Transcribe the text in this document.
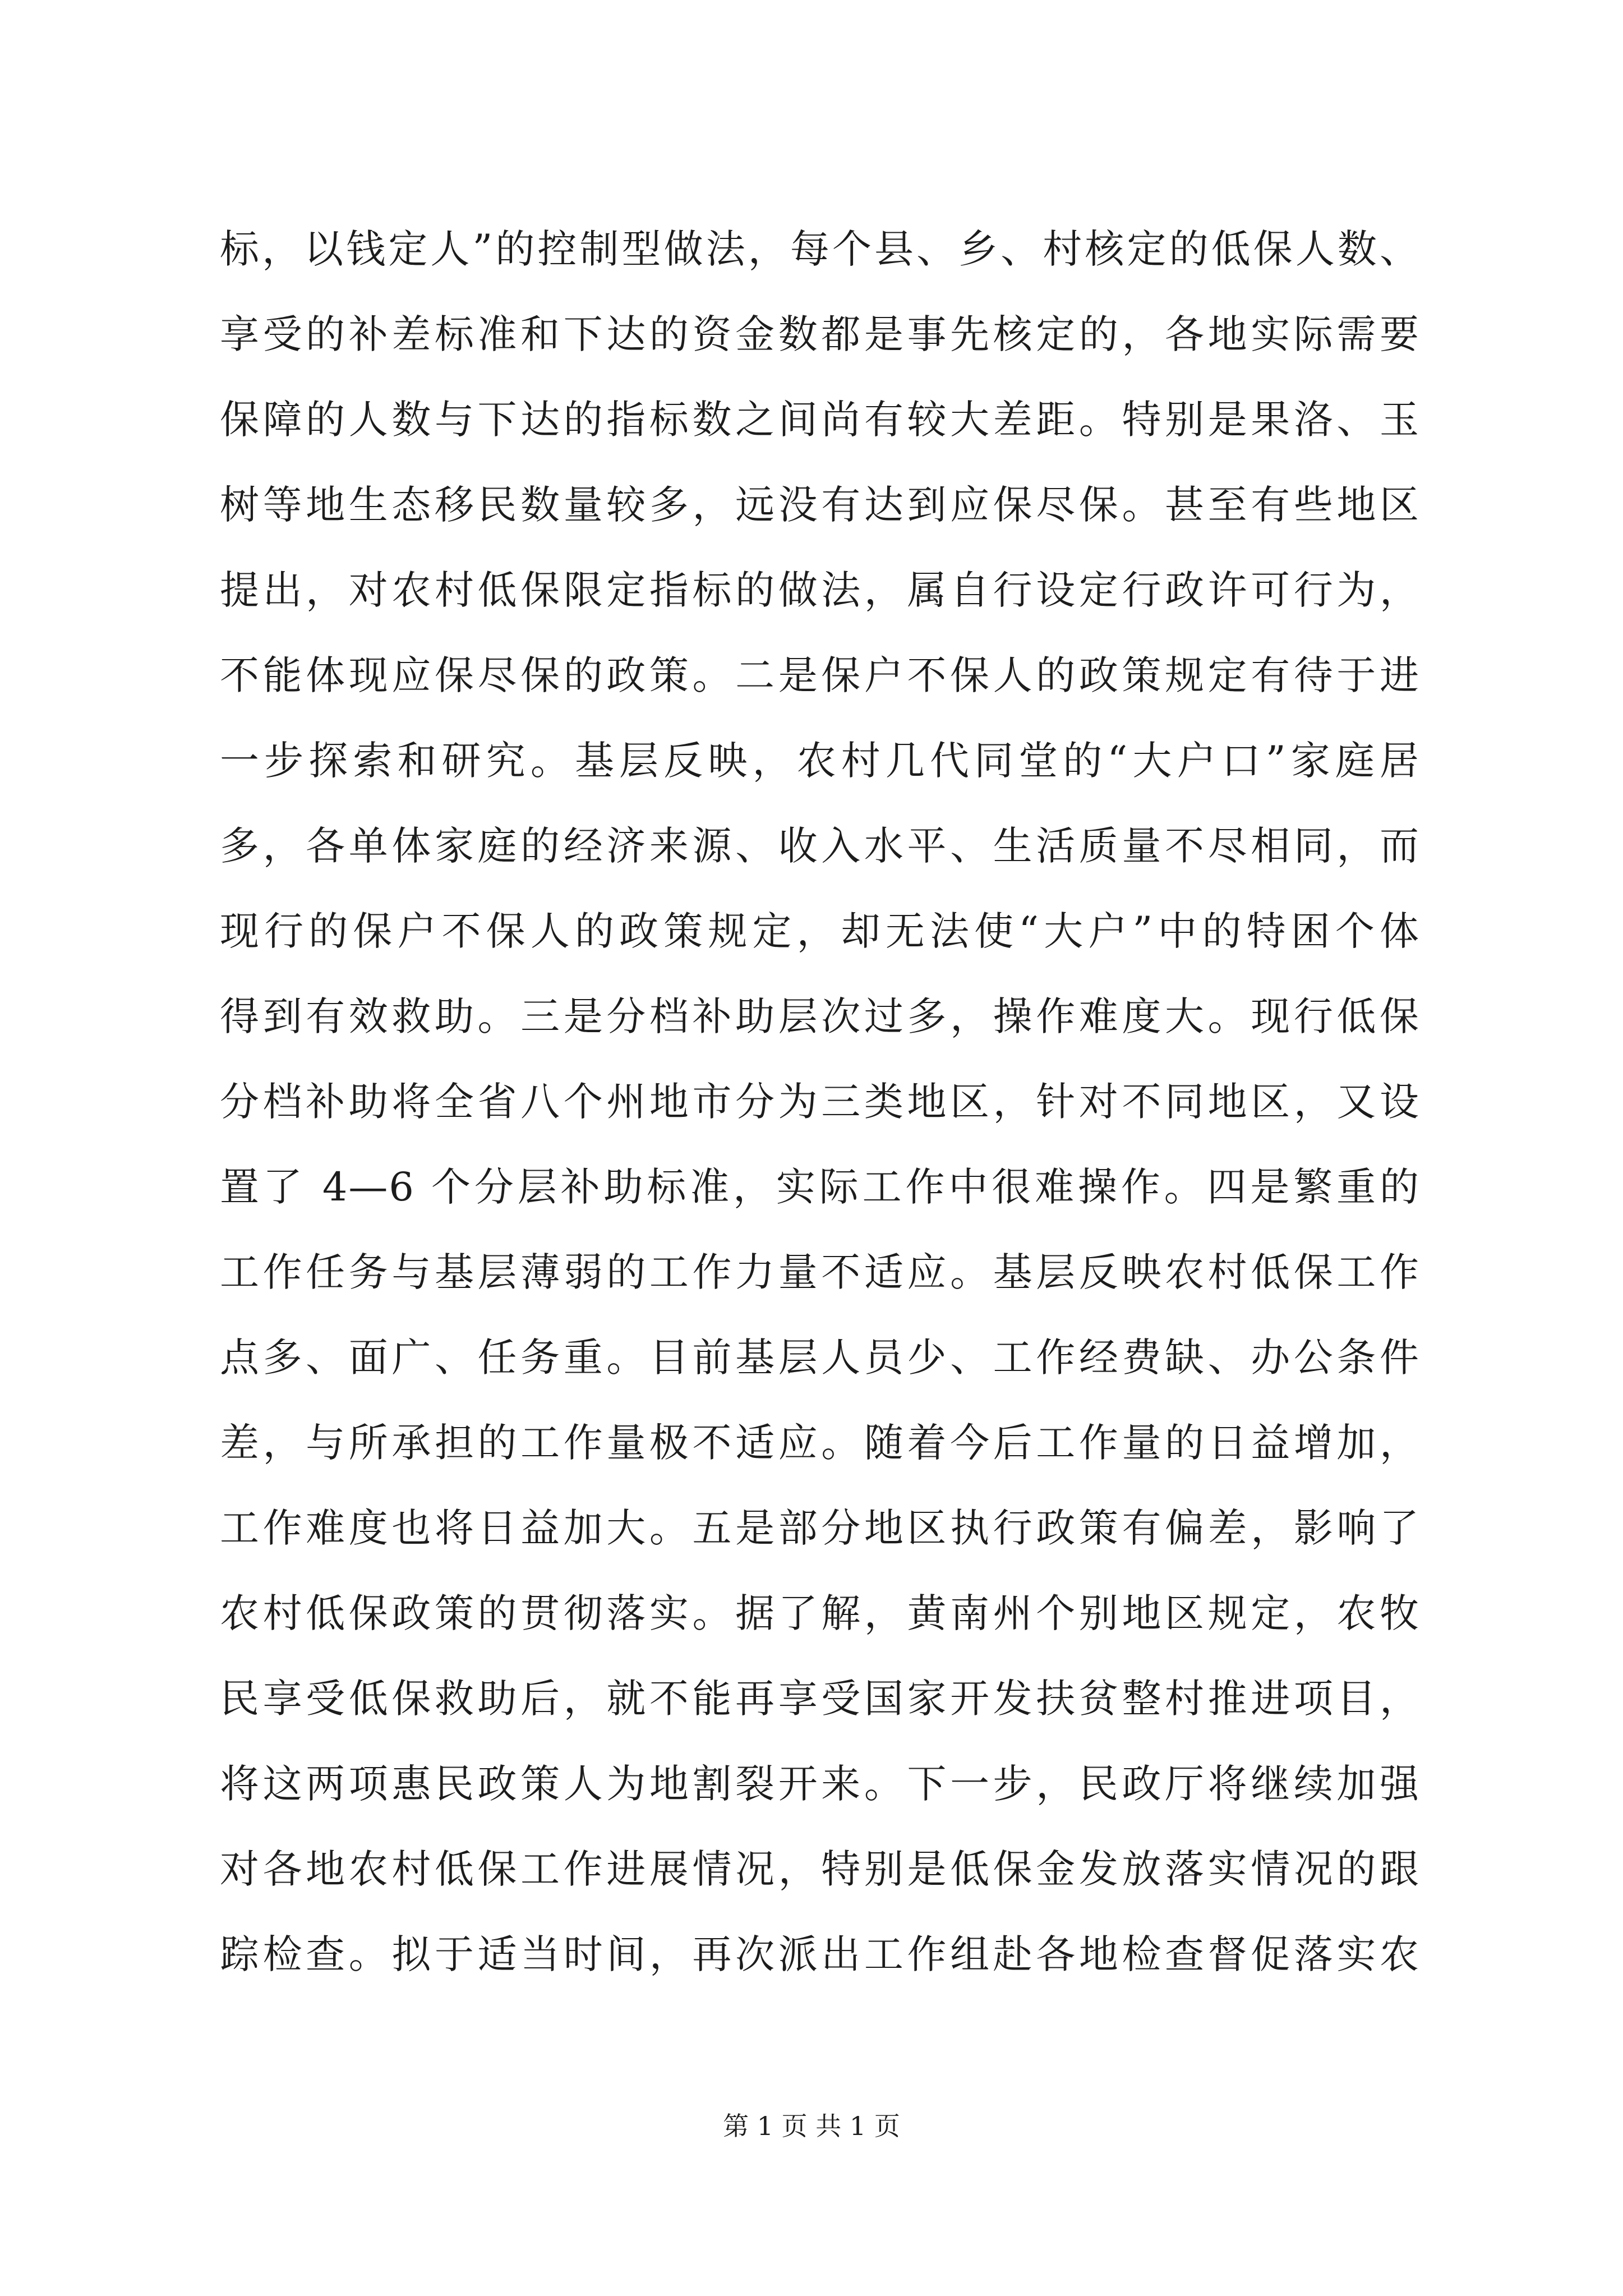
标，以钱定人”的控制型做法，每个县、乡、村核定的低保人数、
享受的补差标准和下达的资金数都是事先核定的，各地实际需要
保障的人数与下达的指标数之间尚有较大差距。特别是果洛、玉
树等地生态移民数量较多，远没有达到应保尽保。甚至有些地区
提出，对农村低保限定指标的做法，属自行设定行政许可行为，
不能体现应保尽保的政策。二是保户不保人的政策规定有待于进
一步探索和研究。基层反映，农村几代同堂的“大户口”家庭居
多，各单体家庭的经济来源、收入水平、生活质量不尽相同，而
现行的保户不保人的政策规定，却无法使“大户”中的特困个体
得到有效救助。三是分档补助层次过多，操作难度大。现行低保
分档补助将全省八个州地市分为三类地区，针对不同地区，又设
置了 4—6 个分层补助标准，实际工作中很难操作。四是繁重的
工作任务与基层薄弱的工作力量不适应。基层反映农村低保工作
点多、面广、任务重。目前基层人员少、工作经费缺、办公条件
差，与所承担的工作量极不适应。随着今后工作量的日益增加，
工作难度也将日益加大。五是部分地区执行政策有偏差，影响了
农村低保政策的贯彻落实。据了解，黄南州个别地区规定，农牧
民享受低保救助后，就不能再享受国家开发扶贫整村推进项目，
将这两项惠民政策人为地割裂开来。下一步，民政厅将继续加强
对各地农村低保工作进展情况，特别是低保金发放落实情况的跟
踪检查。拟于适当时间，再次派出工作组赴各地检查督促落实农
第 1 页 共 1 页
